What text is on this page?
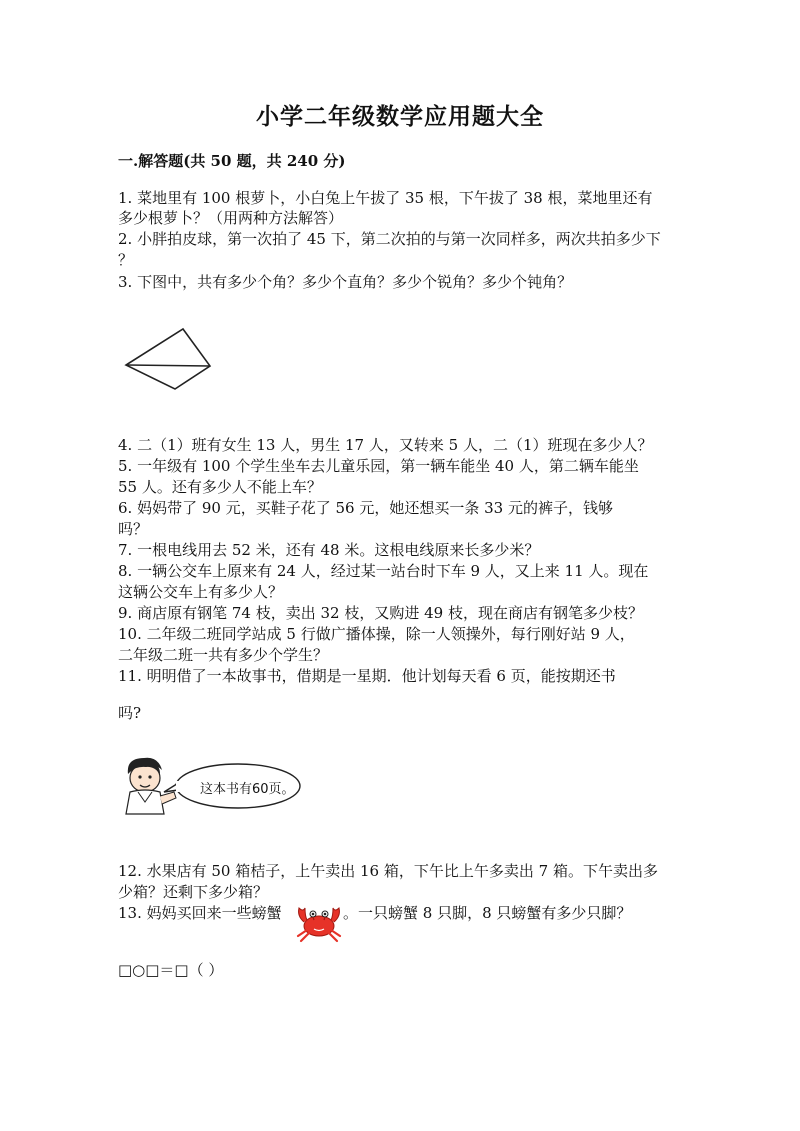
小学二年级数学应用题大全
一.解答题(共 50 题，共 240 分)
1. 菜地里有 100 根萝卜，小白兔上午拔了 35 根，下午拔了 38 根，菜地里还有
多少根萝卜？（用两种方法解答）
2. 小胖拍皮球，第一次拍了 45 下，第二次拍的与第一次同样多，两次共拍多少下
？
3. 下图中，共有多少个角？多少个直角？多少个锐角？多少个钝角？
4. 二（1）班有女生 13 人，男生 17 人，又转来 5 人，二（1）班现在多少人？
5. 一年级有 100 个学生坐车去儿童乐园，第一辆车能坐 40 人，第二辆车能坐
55 人。还有多少人不能上车？
6. 妈妈带了 90 元，买鞋子花了 56 元，她还想买一条 33 元的裤子，钱够
吗？
7. 一根电线用去 52 米，还有 48 米。这根电线原来长多少米？
8. 一辆公交车上原来有 24 人，经过某一站台时下车 9 人，又上来 11 人。现在
这辆公交车上有多少人？
9. 商店原有钢笔 74 枝，卖出 32 枝，又购进 49 枝，现在商店有钢笔多少枝？
10. 二年级二班同学站成 5 行做广播体操，除一人领操外，每行刚好站 9 人，
二年级二班一共有多少个学生？
11. 明明借了一本故事书，借期是一星期．他计划每天看 6 页，能按期还书
吗?
这本书有60页。
12. 水果店有 50 箱桔子，上午卖出 16 箱，下午比上午多卖出 7 箱。下午卖出多
少箱？还剩下多少箱？
13. 妈妈买回来一些螃蟹	。一只螃蟹 8 只脚，8 只螃蟹有多少只脚？
□○□＝□（ ）
